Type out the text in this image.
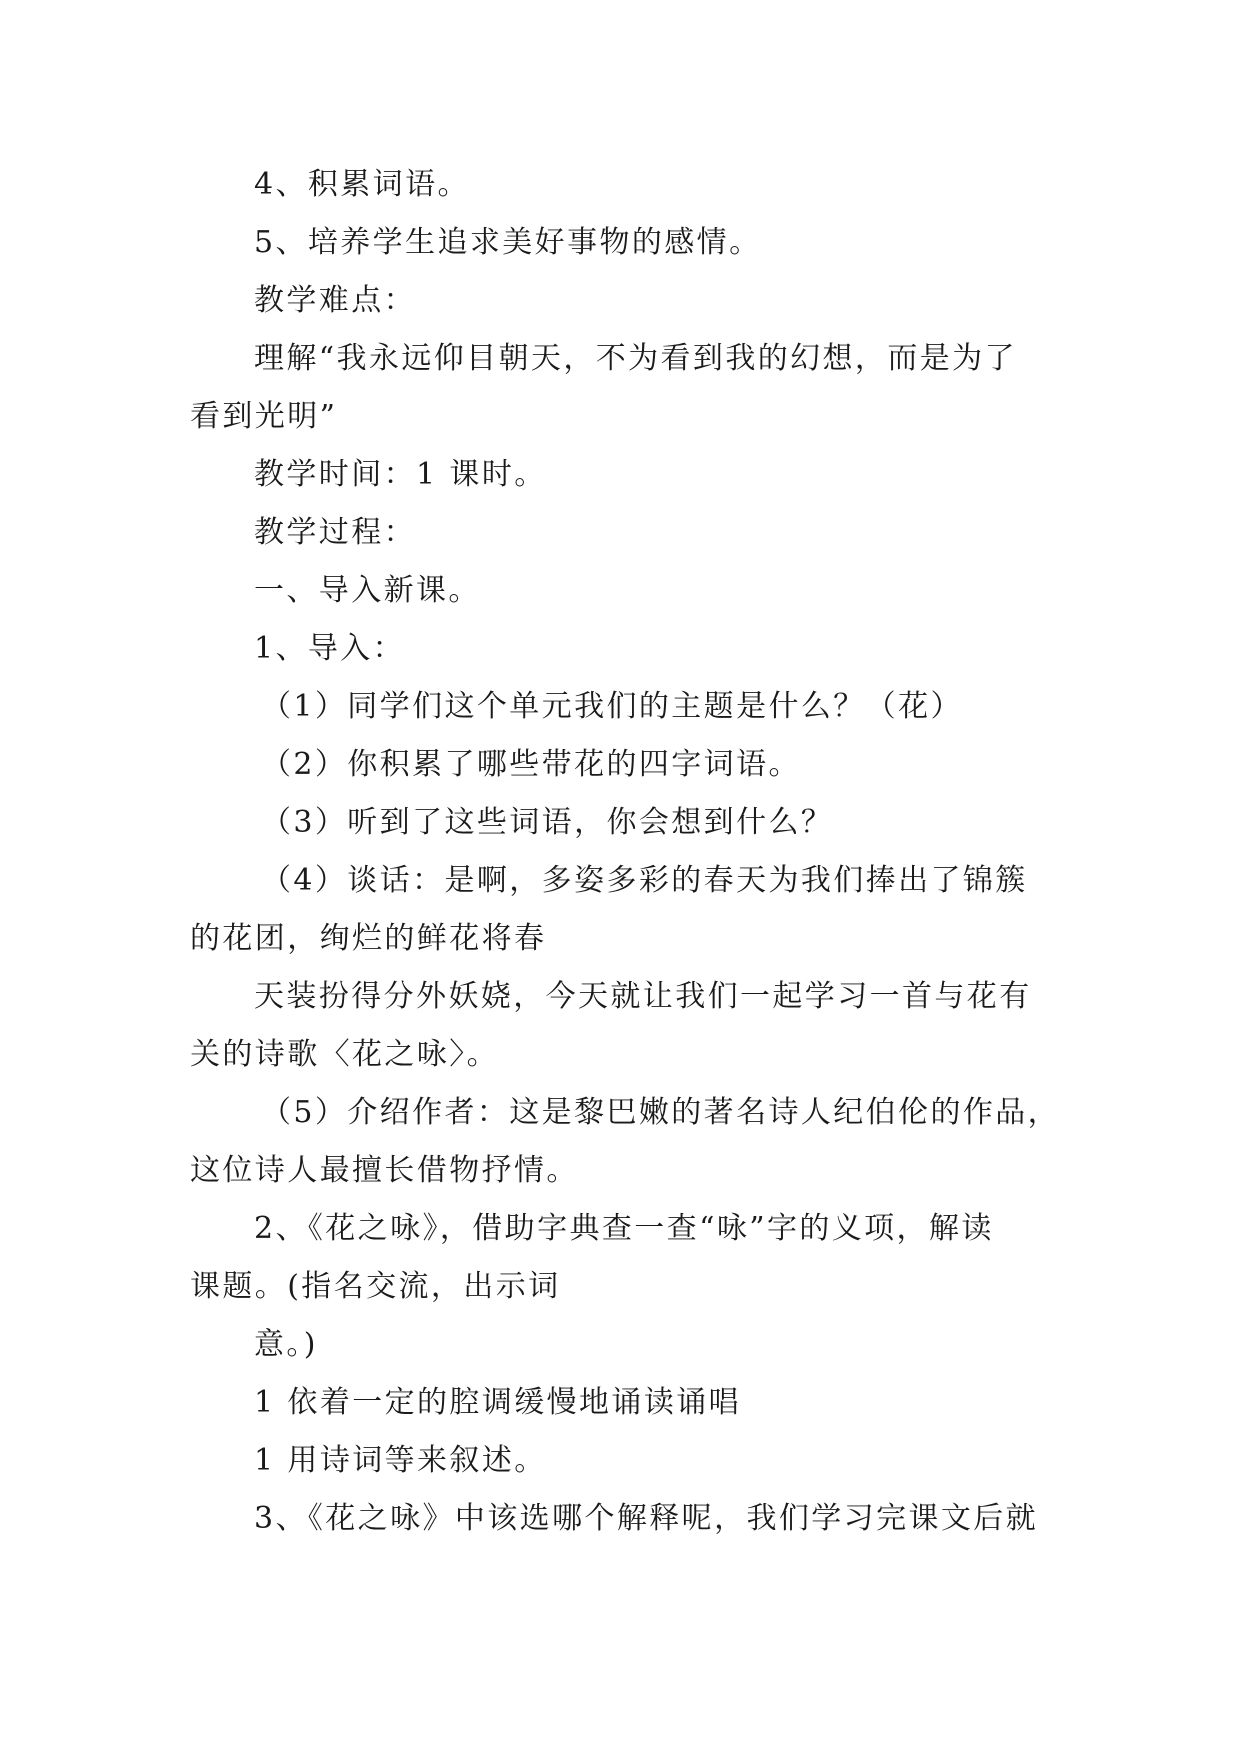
4、积累词语。
5、培养学生追求美好事物的感情。
教学难点：
理解“我永远仰目朝天，不为看到我的幻想，而是为了
看到光明”
教学时间：1 课时。
教学过程：
一、导入新课。
1、导入：
（1）同学们这个单元我们的主题是什么？（花）
（2）你积累了哪些带花的四字词语。
（3）听到了这些词语，你会想到什么？
（4）谈话：是啊，多姿多彩的春天为我们捧出了锦簇
的花团，绚烂的鲜花将春
天装扮得分外妖娆，今天就让我们一起学习一首与花有
关的诗歌〈花之咏〉。
（5）介绍作者：这是黎巴嫩的著名诗人纪伯伦的作品，
这位诗人最擅长借物抒情。
2、《花之咏》，借助字典查一查“咏”字的义项，解读
课题。(指名交流，出示词
意。)
1 依着一定的腔调缓慢地诵读诵唱
1 用诗词等来叙述。
3、《花之咏》中该选哪个解释呢，我们学习完课文后就
